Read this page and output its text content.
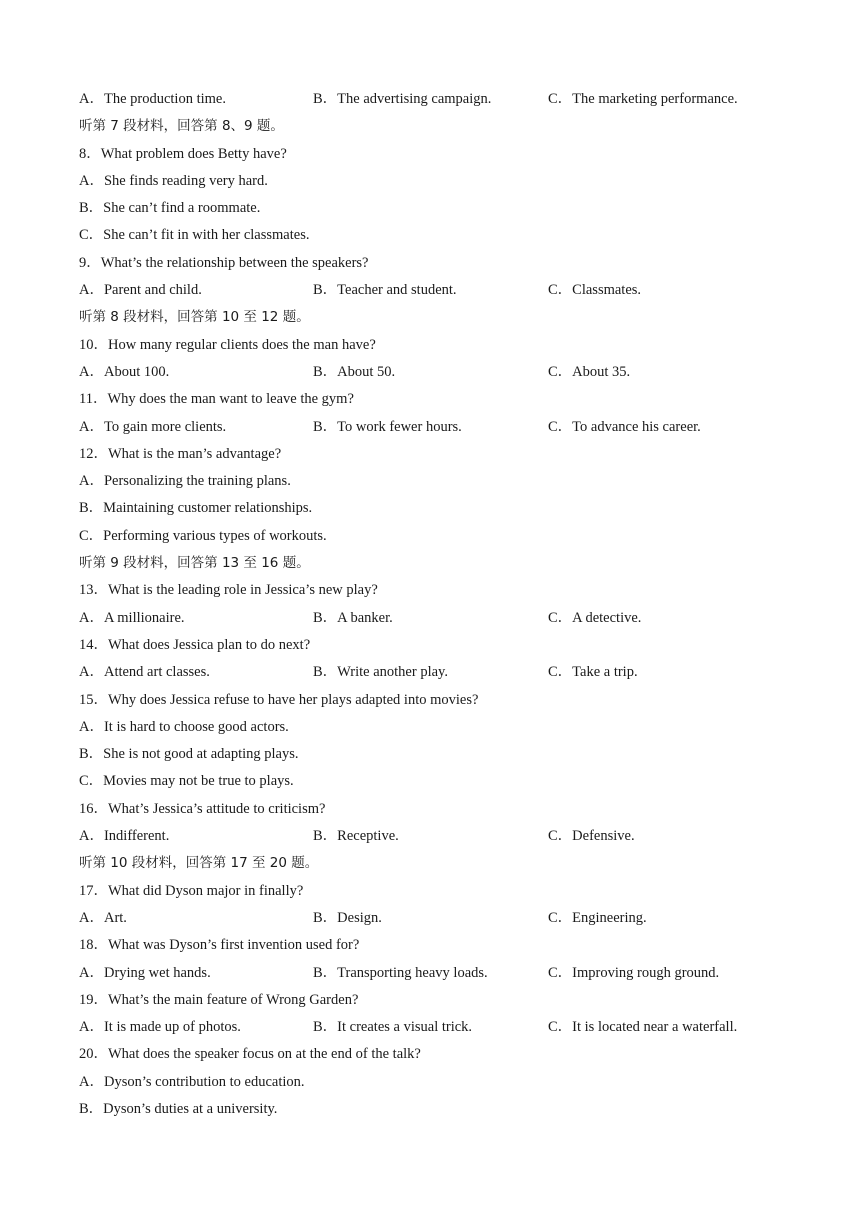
A．The production time.	B．The advertising campaign.	C．The marketing performance.
听第 7 段材料，回答第 8、9 题。
8．What problem does Betty have?
A．She finds reading very hard.
B．She can’t find a roommate.
C．She can’t fit in with her classmates.
9．What’s the relationship between the speakers?
A．Parent and child.	B．Teacher and student.	C．Classmates.
听第 8 段材料，回答第 10 至 12 题。
10．How many regular clients does the man have?
A．About 100.	B．About 50.	C．About 35.
11．Why does the man want to leave the gym?
A．To gain more clients.	B．To work fewer hours.	C．To advance his career.
12．What is the man’s advantage?
A．Personalizing the training plans.
B．Maintaining customer relationships.
C．Performing various types of workouts.
听第 9 段材料，回答第 13 至 16 题。
13．What is the leading role in Jessica’s new play?
A．A millionaire.	B．A banker.	C．A detective.
14．What does Jessica plan to do next?
A．Attend art classes.	B．Write another play.	C．Take a trip.
15．Why does Jessica refuse to have her plays adapted into movies?
A．It is hard to choose good actors.
B．She is not good at adapting plays.
C．Movies may not be true to plays.
16．What’s Jessica’s attitude to criticism?
A．Indifferent.	B．Receptive.	C．Defensive.
听第 10 段材料，回答第 17 至 20 题。
17．What did Dyson major in finally?
A．Art.	B．Design.	C．Engineering.
18．What was Dyson’s first invention used for?
A．Drying wet hands.	B．Transporting heavy loads.	C．Improving rough ground.
19．What’s the main feature of Wrong Garden?
A．It is made up of photos.	B．It creates a visual trick.	C．It is located near a waterfall.
20．What does the speaker focus on at the end of the talk?
A．Dyson’s contribution to education.
B．Dyson’s duties at a university.
